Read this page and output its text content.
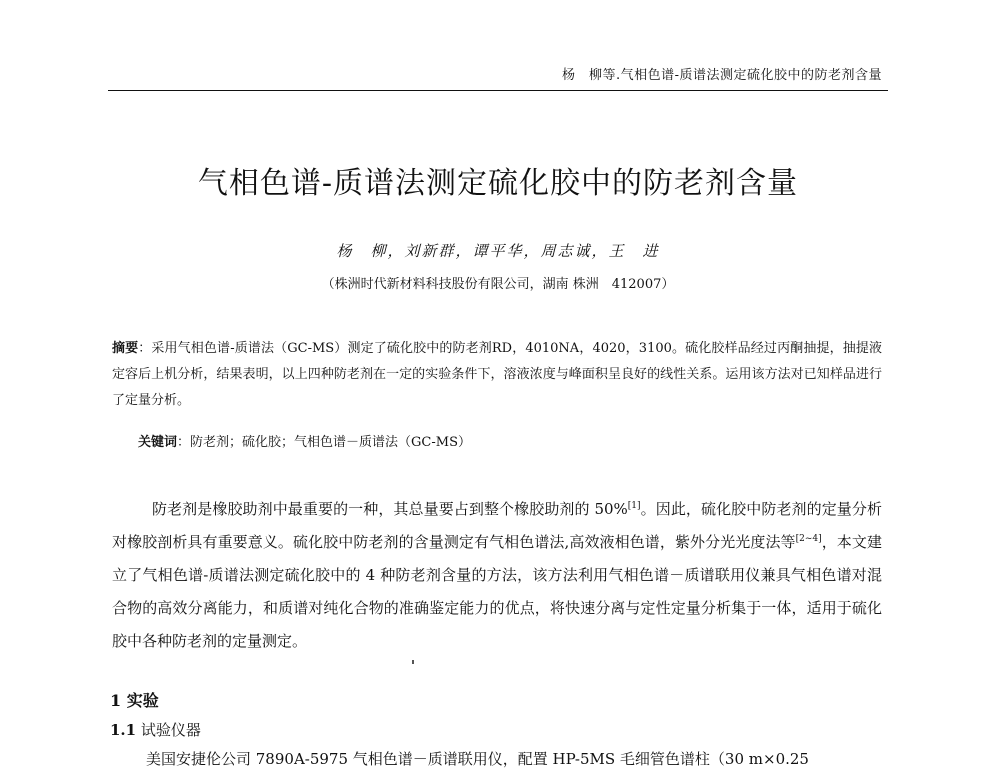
杨　柳等.气相色谱-质谱法测定硫化胶中的防老剂含量
气相色谱-质谱法测定硫化胶中的防老剂含量
杨　柳，刘新群，谭平华，周志诚，王　进
（株洲时代新材料科技股份有限公司，湖南 株洲　412007）
摘要：采用气相色谱-质谱法（GC-MS）测定了硫化胶中的防老剂RD，4010NA，4020，3100。硫化胶样品经过丙酮抽提，抽提液定容后上机分析，结果表明，以上四种防老剂在一定的实验条件下，溶液浓度与峰面积呈良好的线性关系。运用该方法对已知样品进行了定量分析。
关键词：防老剂；硫化胶；气相色谱－质谱法（GC-MS）
防老剂是橡胶助剂中最重要的一种，其总量要占到整个橡胶助剂的 50%[1]。因此，硫化胶中防老剂的定量分析对橡胶剖析具有重要意义。硫化胶中防老剂的含量测定有气相色谱法,高效液相色谱，紫外分光光度法等[2~4]，本文建立了气相色谱-质谱法测定硫化胶中的 4 种防老剂含量的方法，该方法利用气相色谱－质谱联用仪兼具气相色谱对混合物的高效分离能力，和质谱对纯化合物的准确鉴定能力的优点，将快速分离与定性定量分析集于一体，适用于硫化胶中各种防老剂的定量测定。
1 实验
1.1 试验仪器
美国安捷伦公司 7890A-5975 气相色谱－质谱联用仪，配置 HP-5MS 毛细管色谱柱（30 m×0.25
